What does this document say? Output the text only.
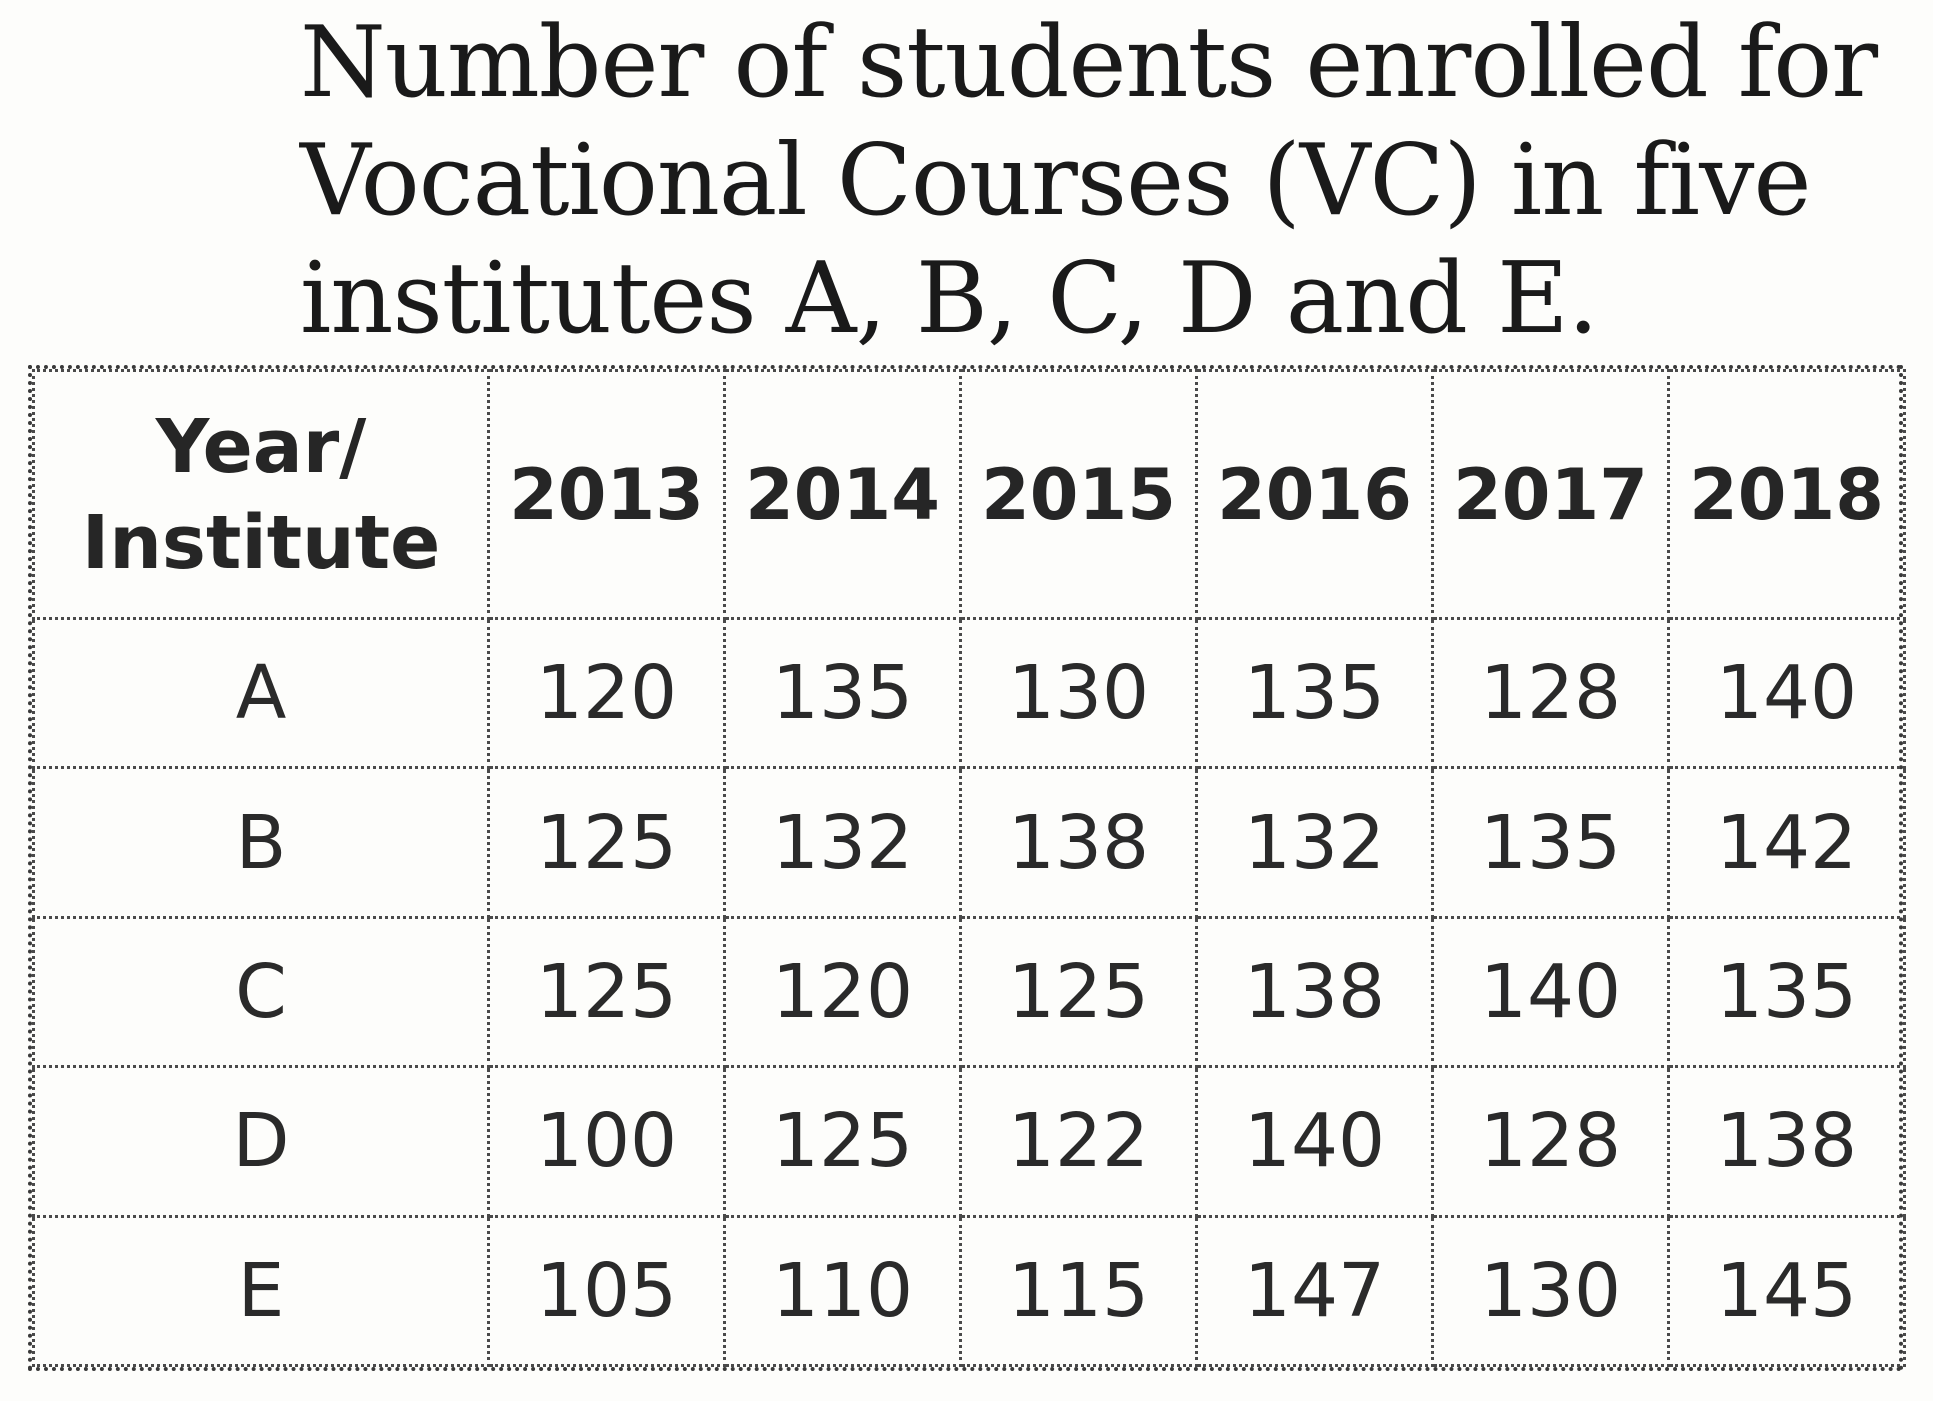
Number of students enrolled for
Vocational Courses (VC) in five
institutes A, B, C, D and E.
Year/
Institute	2013	2014	2015	2016	2017	2018
A	120	135	130	135	128	140
B	125	132	138	132	135	142
C	125	120	125	138	140	135
D	100	125	122	140	128	138
E	105	110	115	147	130	145
